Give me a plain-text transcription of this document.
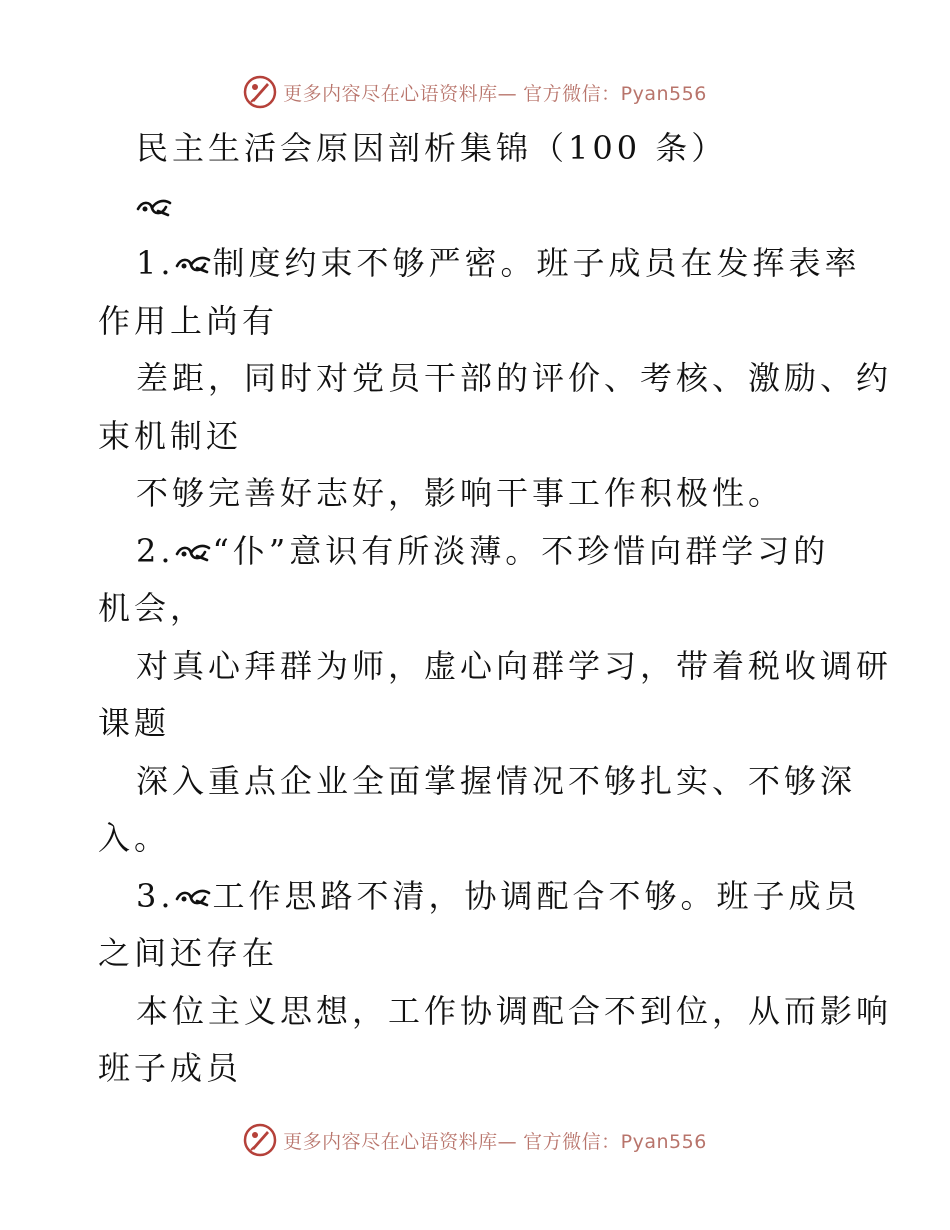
更多内容尽在心语资料库— 官方微信：Pyan556
民主生活会原因剖析集锦（100 条）
1. 制度约束不够严密。班子成员在发挥表率
作用上尚有
差距，同时对党员干部的评价、考核、激励、约
束机制还
不够完善好志好，影响干事工作积极性。
2. “仆”意识有所淡薄。不珍惜向群学习的
机会，
对真心拜群为师，虚心向群学习，带着税收调研
课题
深入重点企业全面掌握情况不够扎实、不够深
入。
3. 工作思路不清，协调配合不够。班子成员
之间还存在
本位主义思想，工作协调配合不到位，从而影响
班子成员
更多内容尽在心语资料库— 官方微信：Pyan556
